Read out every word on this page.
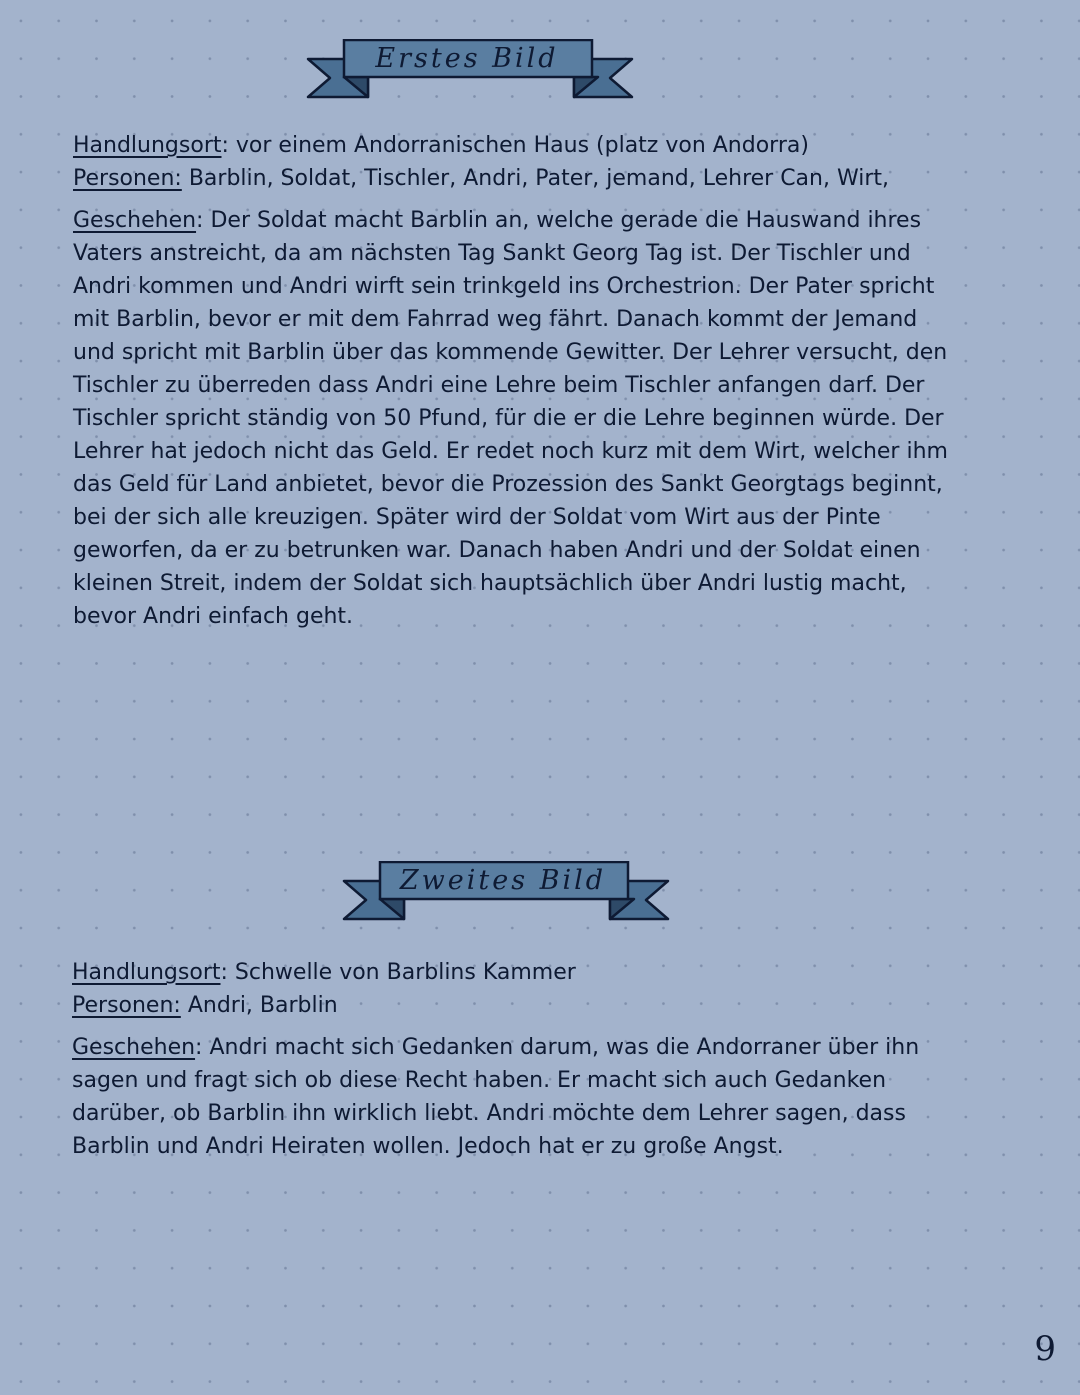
Erstes Bild
Handlungsort: vor einem Andorranischen Haus (platz von Andorra)
Personen: Barblin, Soldat, Tischler, Andri, Pater, jemand, Lehrer Can, Wirt,
Geschehen: Der Soldat macht Barblin an, welche gerade die Hauswand ihres Vaters anstreicht, da am nächsten Tag Sankt Georg Tag ist. Der Tischler und Andri kommen und Andri wirft sein trinkgeld ins Orchestrion. Der Pater spricht mit Barblin, bevor er mit dem Fahrrad weg fährt. Danach kommt der Jemand und spricht mit Barblin über das kommende Gewitter. Der Lehrer versucht, den Tischler zu überreden dass Andri eine Lehre beim Tischler anfangen darf. Der Tischler spricht ständig von 50 Pfund, für die er die Lehre beginnen würde. Der Lehrer hat jedoch nicht das Geld. Er redet noch kurz mit dem Wirt, welcher ihm das Geld für Land anbietet, bevor die Prozession des Sankt Georgtags beginnt, bei der sich alle kreuzigen. Später wird der Soldat vom Wirt aus der Pinte geworfen, da er zu betrunken war. Danach haben Andri und der Soldat einen kleinen Streit, indem der Soldat sich hauptsächlich über Andri lustig macht, bevor Andri einfach geht.
Zweites Bild
Handlungsort: Schwelle von Barblins Kammer
Personen: Andri, Barblin
Geschehen: Andri macht sich Gedanken darum, was die Andorraner über ihn sagen und fragt sich ob diese Recht haben. Er macht sich auch Gedanken darüber, ob Barblin ihn wirklich liebt. Andri möchte dem Lehrer sagen, dass Barblin und Andri Heiraten wollen. Jedoch hat er zu große Angst.
9
